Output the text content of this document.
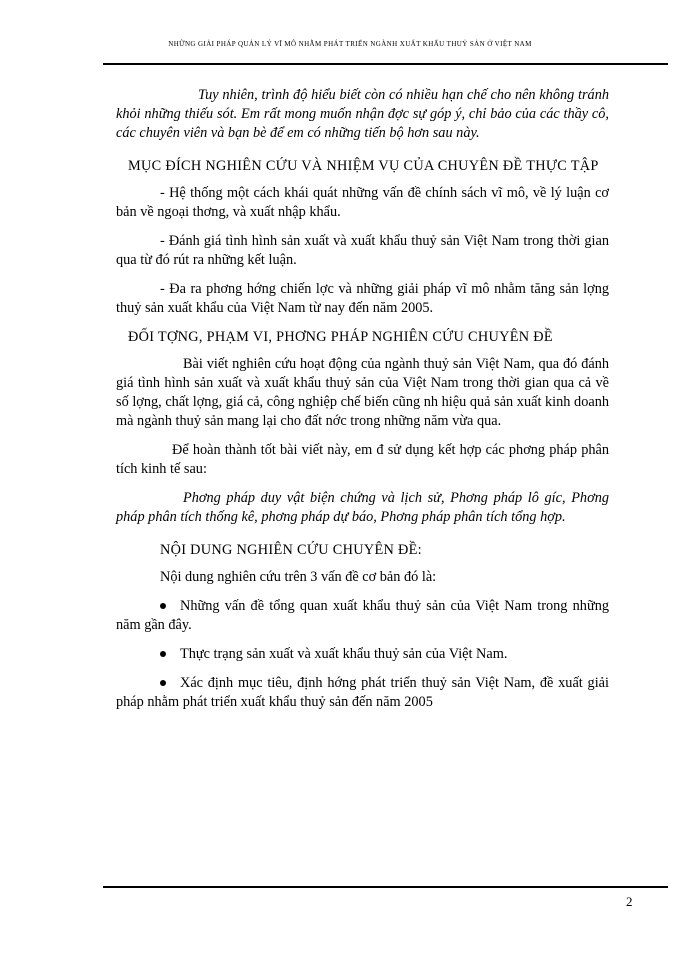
NHỮNG GIẢI PHÁP QUẢN LÝ VĨ MÔ NHẰM PHÁT TRIỂN NGÀNH XUẤT KHẨU THUỶ SẢN Ở VIỆT NAM

Tuy nhiên, trình độ hiểu biết còn có nhiều hạn chế cho nên không tránh khỏi những thiếu sót. Em rất mong muốn nhận đợc sự góp ý, chỉ bảo của các thầy cô, các chuyên viên và bạn bè để em có những tiến bộ hơn sau này.

MỤC ĐÍCH NGHIÊN CỨU VÀ NHIỆM VỤ CỦA CHUYÊN ĐỀ THỰC TẬP

- Hệ thống một cách khái quát những vấn đề chính sách vĩ mô, về lý luận cơ bản về ngoại thơng, và xuất nhập khẩu.

- Đánh giá tình hình sản xuất và xuất khẩu thuỷ sản Việt Nam trong thời gian qua từ đó rút ra những kết luận.

- Đa ra phơng hớng chiến lợc và những giải pháp vĩ mô nhằm tăng sản lợng thuỷ sản xuất khẩu của Việt Nam từ nay đến năm 2005.

ĐỐI TỢNG, PHẠM VI, PHƠNG PHÁP NGHIÊN CỨU CHUYÊN ĐỀ

Bài viết nghiên cứu hoạt động của ngành thuỷ sản Việt Nam, qua đó đánh giá tình hình sản xuất và xuất khẩu thuỷ sản của Việt Nam trong thời gian qua cả về số lợng, chất lợng, giá cả, công nghiệp chế biến cũng nh hiệu quả sản xuất kinh doanh mà ngành thuỷ sản mang lại cho đất nớc trong những năm vừa qua.

Để hoàn thành tốt bài viết này, em đ sử dụng kết hợp các phơng pháp phân tích kinh tế sau:

Phơng pháp duy vật biện chứng và lịch sử, Phơng pháp lô gíc, Phơng pháp phân tích thống kê, phơng pháp dự báo, Phơng pháp phân tích tổng hợp.

NỘI DUNG NGHIÊN CỨU CHUYÊN ĐỀ:

Nội dung nghiên cứu trên 3 vấn đề cơ bản đó là:

Những vấn đề tổng quan xuất khẩu thuỷ sản của Việt Nam trong những năm gần đây.

Thực trạng sản xuất và xuất khẩu thuỷ sản của Việt Nam.

Xác định mục tiêu, định hớng phát triển thuỷ sản Việt Nam, đề xuất giải pháp nhằm phát triển xuất khẩu thuỷ sản đến năm 2005

2
